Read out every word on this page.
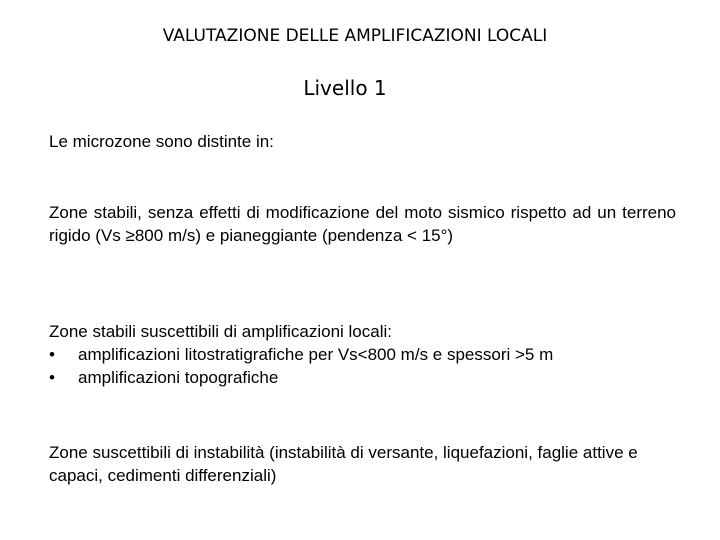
VALUTAZIONE DELLE AMPLIFICAZIONI LOCALI
Livello 1
Le microzone sono distinte in:
Zone stabili, senza effetti di modificazione del moto sismico rispetto ad un terreno rigido (Vs ≥800 m/s) e pianeggiante (pendenza < 15°)
Zone stabili suscettibili di amplificazioni locali:
• amplificazioni litostratigrafiche per Vs<800 m/s e spessori >5 m
• amplificazioni topografiche
Zone suscettibili di instabilità (instabilità di versante, liquefazioni, faglie attive e capaci, cedimenti differenziali)
